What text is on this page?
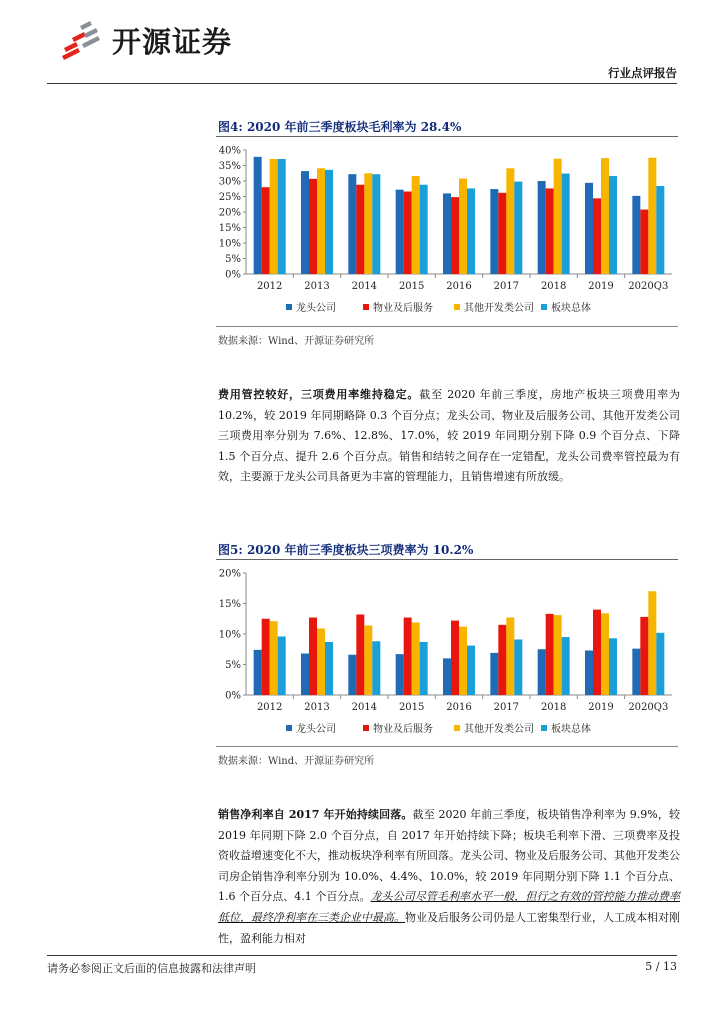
开源证券
行业点评报告
图4: 2020 年前三季度板块毛利率为 28.4%
0%
5%
10%
15%
20%
25%
30%
35%
40%
2012 2013 2014 2015 2016 2017 2018 2019 2020Q3
龙头公司	物业及后服务	其他开发类公司 板块总体
数据来源：Wind、开源证券研究所
费用管控较好，三项费用率维持稳定。截至 2020 年前三季度，房地产板块三项费用率为 10.2%，较 2019 年同期略降 0.3 个百分点；龙头公司、物业及后服务公司、其他开发类公司三项费用率分别为 7.6%、12.8%、17.0%，较 2019 年同期分别下降 0.9 个百分点、下降 1.5 个百分点、提升 2.6 个百分点。销售和结转之间存在一定错配，龙头公司费率管控最为有效，主要源于龙头公司具备更为丰富的管理能力，且销售增速有所放缓。
图5: 2020 年前三季度板块三项费率为 10.2%
0%
5%
10%
15%
20%
2012 2013 2014 2015 2016 2017 2018 2019 2020Q3
龙头公司	物业及后服务	其他开发类公司 板块总体
数据来源：Wind、开源证券研究所
销售净利率自 2017 年开始持续回落。截至 2020 年前三季度，板块销售净利率为 9.9%，较 2019 年同期下降 2.0 个百分点，自 2017 年开始持续下降；板块毛利率下滑、三项费率及投资收益增速变化不大，推动板块净利率有所回落。龙头公司、物业及后服务公司、其他开发类公司房企销售净利率分别为 10.0%、4.4%、10.0%，较 2019 年同期分别下降 1.1 个百分点、1.6 个百分点、4.1 个百分点。龙头公司尽管毛利率水平一般，但行之有效的管控能力推动费率低位，最终净利率在三类企业中最高。物业及后服务公司仍是人工密集型行业，人工成本相对刚性，盈利能力相对
请务必参阅正文后面的信息披露和法律声明	5 / 13
